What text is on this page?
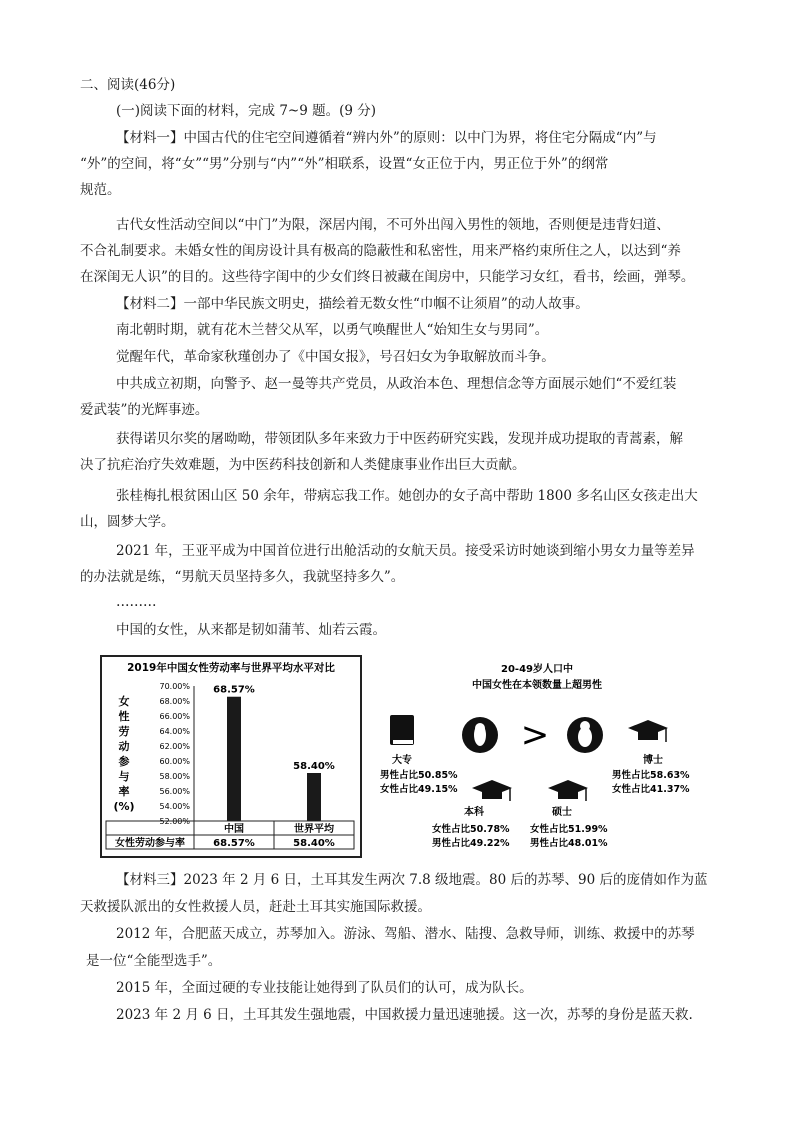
二、阅读(46分)
(一)阅读下面的材料，完成 7~9 题。(9 分)
【材料一】中国古代的住宅空间遵循着“辨内外”的原则：以中门为界，将住宅分隔成“内”与
“外”的空间，将“女”“男”分别与“内”“外”相联系，设置“女正位于内，男正位于外”的纲常
规范。
古代女性活动空间以“中门”为限，深居内闱，不可外出闯入男性的领地，否则便是违背妇道、
不合礼制要求。未婚女性的闺房设计具有极高的隐蔽性和私密性，用来严格约束所住之人，以达到“养
在深闺无人识”的目的。这些待字闺中的少女们终日被藏在闺房中，只能学习女红，看书，绘画，弹琴。
【材料二】一部中华民族文明史，描绘着无数女性“巾帼不让须眉”的动人故事。
南北朝时期，就有花木兰替父从军，以勇气唤醒世人“始知生女与男同”。
觉醒年代，革命家秋瑾创办了《中国女报》，号召妇女为争取解放而斗争。
中共成立初期，向警予、赵一曼等共产党员，从政治本色、理想信念等方面展示她们“不爱红装
爱武装”的光辉事迹。
获得诺贝尔奖的屠呦呦，带领团队多年来致力于中医药研究实践，发现并成功提取的青蒿素，解
决了抗疟治疗失效难题，为中医药科技创新和人类健康事业作出巨大贡献。
张桂梅扎根贫困山区 50 余年，带病忘我工作。她创办的女子高中帮助 1800 多名山区女孩走出大
山，圆梦大学。
2021 年，王亚平成为中国首位进行出舱活动的女航天员。接受采访时她谈到缩小男女力量等差异
的办法就是练，“男航天员坚持多久，我就坚持多久”。
………
中国的女性，从来都是韧如蒲苇、灿若云霞。
2019年中国女性劳动率与世界平均水平对比
女
性
劳
动
参
与
率
(%)
70.00%
68.00%
66.00%
64.00%
62.00%
60.00%
58.00%
56.00%
54.00%
52.00%
68.57%
58.40%
女性劳动参与率
中国	世界平均
68.57%	58.40%
20-49岁人口中
中国女性在本领数量上超男性
大专
男性占比50.85%
女性占比49.15%
>
博士
男性占比58.63%
女性占比41.37%
本科
女性占比50.78%
男性占比49.22%
硕士
女性占比51.99%
男性占比48.01%
【材料三】2023 年 2 月 6 日，土耳其发生两次 7.8 级地震。80 后的苏琴、90 后的庞倩如作为蓝
天救援队派出的女性救援人员，赶赴土耳其实施国际救援。
2012 年，合肥蓝天成立，苏琴加入。游泳、驾船、潜水、陆搜、急救导师，训练、救援中的苏琴
是一位“全能型选手”。
2015 年，全面过硬的专业技能让她得到了队员们的认可，成为队长。
2023 年 2 月 6 日，土耳其发生强地震，中国救援力量迅速驰援。这一次，苏琴的身份是蓝天救.
